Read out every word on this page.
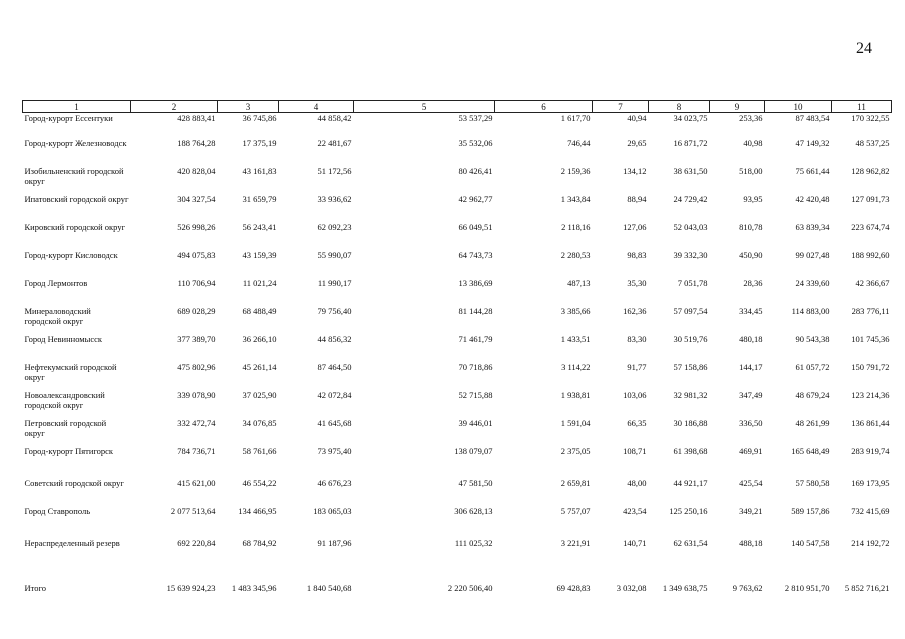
24
1	2	3	4	5	6	7	8	9	10	11
Город-курорт Ессентуки	428 883,41	36 745,86	44 858,42	53 537,29	1 617,70	40,94	34 023,75	253,36	87 483,54	170 322,55
Город-курорт Железноводск	188 764,28	17 375,19	22 481,67	35 532,06	746,44	29,65	16 871,72	40,98	47 149,32	48 537,25
Изобильненский городской округ	420 828,04	43 161,83	51 172,56	80 426,41	2 159,36	134,12	38 631,50	518,00	75 661,44	128 962,82
Ипатовский городской округ	304 327,54	31 659,79	33 936,62	42 962,77	1 343,84	88,94	24 729,42	93,95	42 420,48	127 091,73
Кировский городской округ	526 998,26	56 243,41	62 092,23	66 049,51	2 118,16	127,06	52 043,03	810,78	63 839,34	223 674,74
Город-курорт Кисловодск	494 075,83	43 159,39	55 990,07	64 743,73	2 280,53	98,83	39 332,30	450,90	99 027,48	188 992,60
Город Лермонтов	110 706,94	11 021,24	11 990,17	13 386,69	487,13	35,30	7 051,78	28,36	24 339,60	42 366,67
Минераловодский городской округ	689 028,29	68 488,49	79 756,40	81 144,28	3 385,66	162,36	57 097,54	334,45	114 883,00	283 776,11
Город Невинномысск	377 389,70	36 266,10	44 856,32	71 461,79	1 433,51	83,30	30 519,76	480,18	90 543,38	101 745,36
Нефтекумский городской округ	475 802,96	45 261,14	87 464,50	70 718,86	3 114,22	91,77	57 158,86	144,17	61 057,72	150 791,72
Новоалександровский городской округ	339 078,90	37 025,90	42 072,84	52 715,88	1 938,81	103,06	32 981,32	347,49	48 679,24	123 214,36
Петровский городской округ	332 472,74	34 076,85	41 645,68	39 446,01	1 591,04	66,35	30 186,88	336,50	48 261,99	136 861,44
Город-курорт Пятигорск	784 736,71	58 761,66	73 975,40	138 079,07	2 375,05	108,71	61 398,68	469,91	165 648,49	283 919,74
Советский городской округ	415 621,00	46 554,22	46 676,23	47 581,50	2 659,81	48,00	44 921,17	425,54	57 580,58	169 173,95
Город Ставрополь	2 077 513,64	134 466,95	183 065,03	306 628,13	5 757,07	423,54	125 250,16	349,21	589 157,86	732 415,69
Нераспределенный резерв	692 220,84	68 784,92	91 187,96	111 025,32	3 221,91	140,71	62 631,54	488,18	140 547,58	214 192,72
Итого	15 639 924,23	1 483 345,96	1 840 540,68	2 220 506,40	69 428,83	3 032,08	1 349 638,75	9 763,62	2 810 951,70	5 852 716,21
